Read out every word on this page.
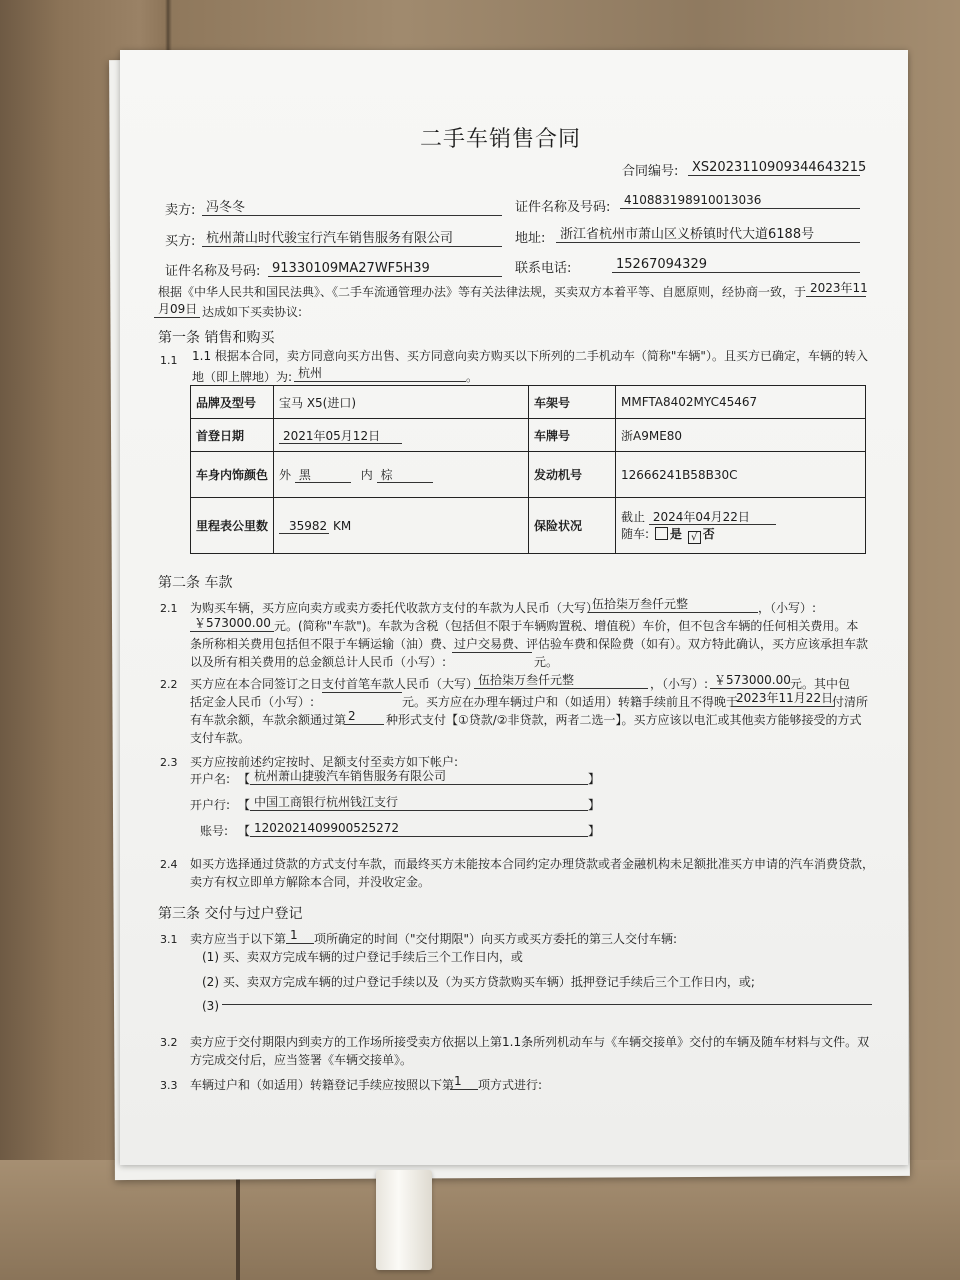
二手车销售合同
合同编号:	XS2023110909344643215
卖方: 冯冬冬	证件名称及号码:	410883198910013036
买方: 杭州萧山时代骏宝行汽车销售服务有限公司	地址:	浙江省杭州市萧山区义桥镇时代大道6188号
证件名称及号码: 91330109MA27WF5H39	联系电话:	15267094329
根据《中华人民共和国民法典》、《二手车流通管理办法》等有关法律法规，买卖双方本着平等、自愿原则，经协商一致，于 2023年11
月09日 达成如下买卖协议:
第一条 销售和购买
1.1 1.1 根据本合同，卖方同意向买方出售、买方同意向卖方购买以下所列的二手机动车（简称"车辆"）。且买方已确定，车辆的转入
地（即上牌地）为: 杭州	。
品牌及型号	宝马 X5(进口)	车架号	MMFTA8402MYC45467
首登日期	2021年05月12日	车牌号	浙A9ME80
车身内饰颜色	外 黑 内 棕	发动机号	12666241B58B30C
里程表公里数	35982 KM	保险状况	截止 2024年04月22日
随车: 是 √ 否
第二条 车款
2.1 为购买车辆，买方应向卖方或卖方委托代收款方支付的车款为人民币（大写）
伍拾柒万叁仟元整	，（小写）:
￥573000.00 元。(简称"车款")。车款为含税（包括但不限于车辆购置税、增值税）车价，但不包含车辆的任何相关费用。本
条所称相关费用包括但不限于车辆运输（油）费、过户交易费、评估验车费和保险费（如有）。双方特此确认，买方应该承担车款
以及所有相关费用的总金额总计人民币（小写）:	元。
2.2 买方应在本合同签订之日支付首笔车款人民币（大写） 伍拾柒万叁仟元整	，（小写）: ￥573000.00 元。其中包
括定金人民币（小写）:	元。买方应在办理车辆过户和（如适用）转籍手续前且不得晚于
2023年11月22日
付清所
有车款余额，车款余额通过第 2	种形式支付【①贷款/②非贷款，两者二选一】。买方应该以电汇或其他卖方能够接受的方式
支付车款。
2.3 买方应按前述约定按时、足额支付至卖方如下帐户:
开户名: 【 杭州萧山捷骏汽车销售服务有限公司	】
开户行: 【 中国工商银行杭州钱江支行	】
账号: 【 1202021409900525272	】
2.4 如买方选择通过贷款的方式支付车款，而最终买方未能按本合同约定办理贷款或者金融机构未足额批准买方申请的汽车消费贷款，
卖方有权立即单方解除本合同，并没收定金。
第三条 交付与过户登记
3.1 卖方应当于以下第 1	项所确定的时间（"交付期限"）向买方或买方委托的第三人交付车辆:
(1) 买、卖双方完成车辆的过户登记手续后三个工作日内，或
(2) 买、卖双方完成车辆的过户登记手续以及（为买方贷款购买车辆）抵押登记手续后三个工作日内，或;
(3)
3.2 卖方应于交付期限内到卖方的工作场所接受卖方依据以上第1.1条所列机动车与《车辆交接单》交付的车辆及随车材料与文件。双
方完成交付后，应当签署《车辆交接单》。
3.3 车辆过户和（如适用）转籍登记手续应按照以下第 1	项方式进行:
